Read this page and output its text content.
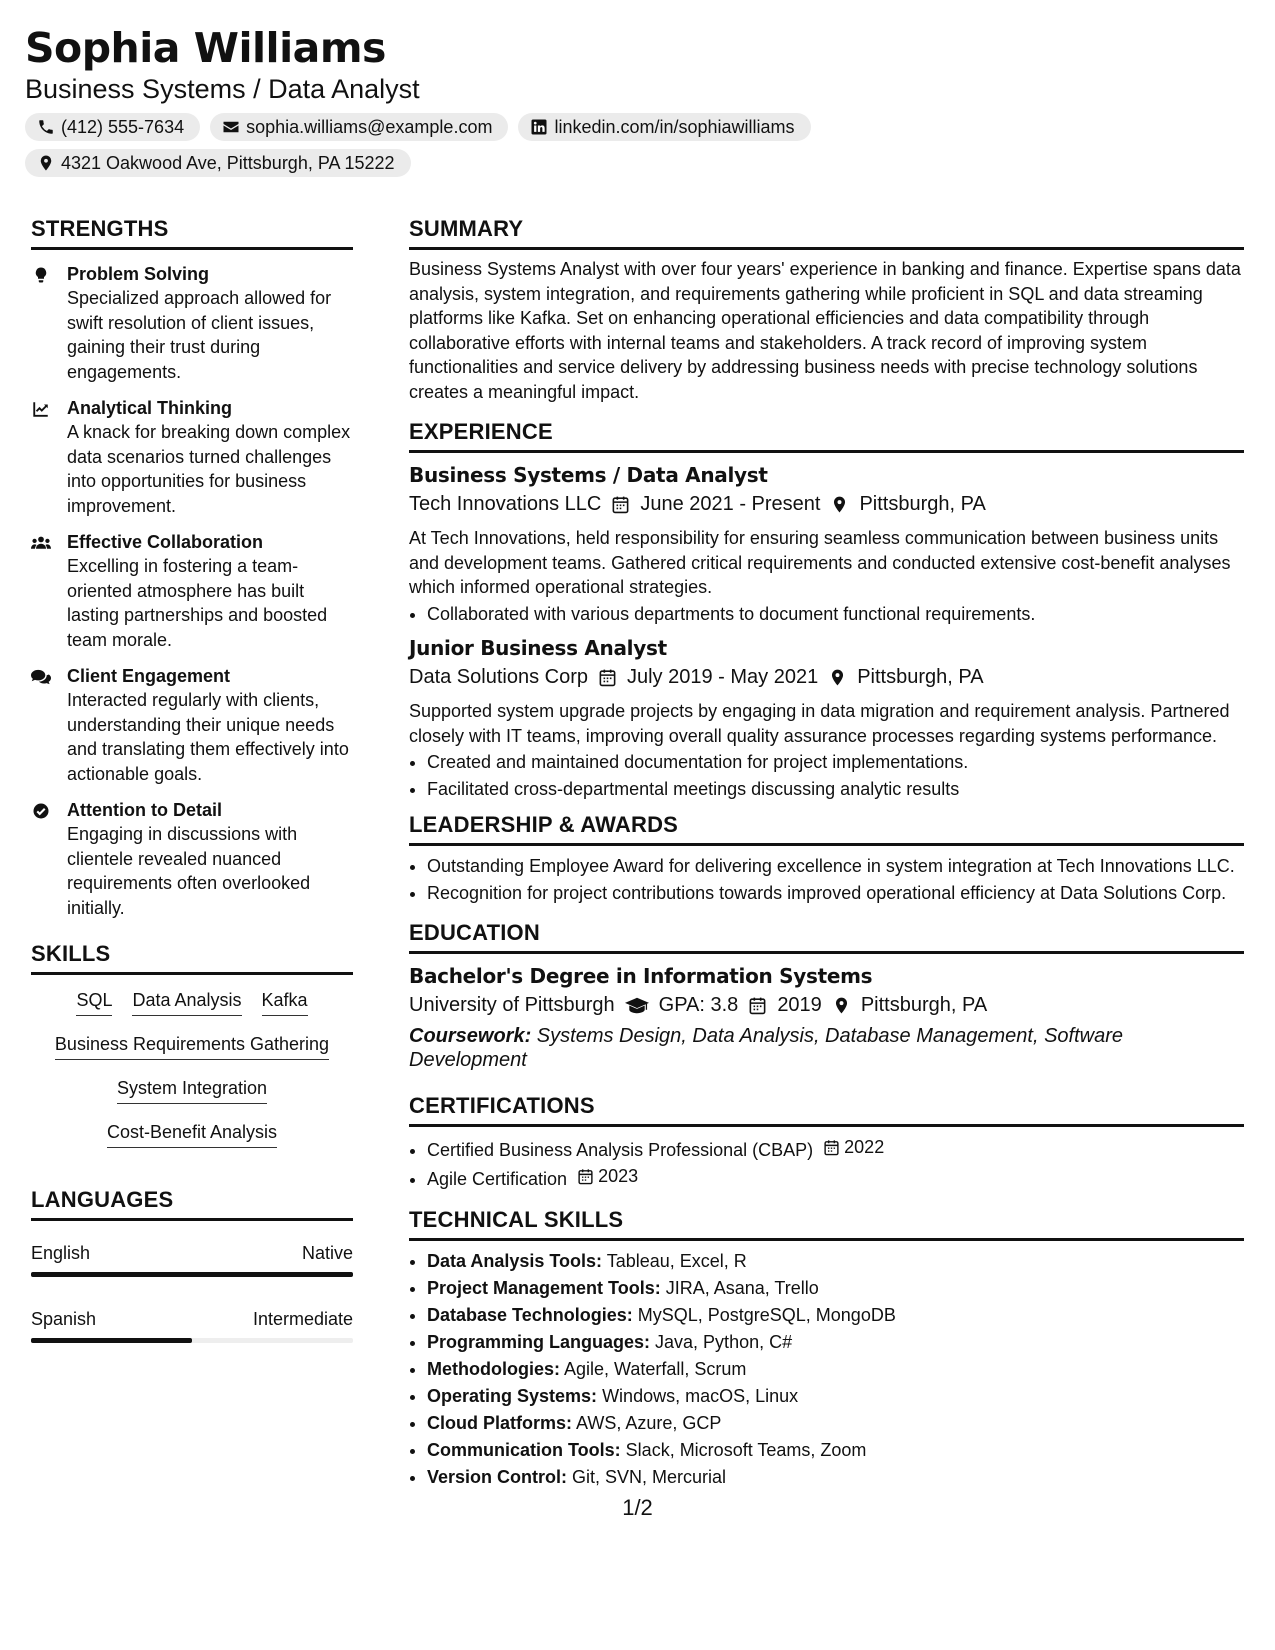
Sophia Williams
Business Systems / Data Analyst
(412) 555-7634	sophia.williams@example.com	linkedin.com/in/sophiawilliams
4321 Oakwood Ave, Pittsburgh, PA 15222
STRENGTHS
Problem Solving
Specialized approach allowed for swift resolution of client issues, gaining their trust during engagements.
Analytical Thinking
A knack for breaking down complex data scenarios turned challenges into opportunities for business improvement.
Effective Collaboration
Excelling in fostering a team-oriented atmosphere has built lasting partnerships and boosted team morale.
Client Engagement
Interacted regularly with clients, understanding their unique needs and translating them effectively into actionable goals.
Attention to Detail
Engaging in discussions with clientele revealed nuanced requirements often overlooked initially.
SKILLS
SQL Data Analysis Kafka
Business Requirements Gathering
System Integration
Cost-Benefit Analysis
LANGUAGES
English	Native
Spanish	Intermediate
SUMMARY
Business Systems Analyst with over four years' experience in banking and finance. Expertise spans data analysis, system integration, and requirements gathering while proficient in SQL and data streaming platforms like Kafka. Set on enhancing operational efficiencies and data compatibility through collaborative efforts with internal teams and stakeholders. A track record of improving system functionalities and service delivery by addressing business needs with precise technology solutions creates a meaningful impact.
EXPERIENCE
Business Systems / Data Analyst
Tech Innovations LLC June 2021 - Present Pittsburgh, PA
At Tech Innovations, held responsibility for ensuring seamless communication between business units and development teams. Gathered critical requirements and conducted extensive cost-benefit analyses which informed operational strategies.
• Collaborated with various departments to document functional requirements.
Junior Business Analyst
Data Solutions Corp July 2019 - May 2021 Pittsburgh, PA
Supported system upgrade projects by engaging in data migration and requirement analysis. Partnered closely with IT teams, improving overall quality assurance processes regarding systems performance.
• Created and maintained documentation for project implementations.
• Facilitated cross-departmental meetings discussing analytic results
LEADERSHIP & AWARDS
• Outstanding Employee Award for delivering excellence in system integration at Tech Innovations LLC.
• Recognition for project contributions towards improved operational efficiency at Data Solutions Corp.
EDUCATION
Bachelor's Degree in Information Systems
University of Pittsburgh GPA: 3.8 2019 Pittsburgh, PA
Coursework: Systems Design, Data Analysis, Database Management, Software Development
CERTIFICATIONS
• Certified Business Analysis Professional (CBAP) 2022
• Agile Certification 2023
TECHNICAL SKILLS
• Data Analysis Tools: Tableau, Excel, R
• Project Management Tools: JIRA, Asana, Trello
• Database Technologies: MySQL, PostgreSQL, MongoDB
• Programming Languages: Java, Python, C#
• Methodologies: Agile, Waterfall, Scrum
• Operating Systems: Windows, macOS, Linux
• Cloud Platforms: AWS, Azure, GCP
• Communication Tools: Slack, Microsoft Teams, Zoom
• Version Control: Git, SVN, Mercurial
1/2
